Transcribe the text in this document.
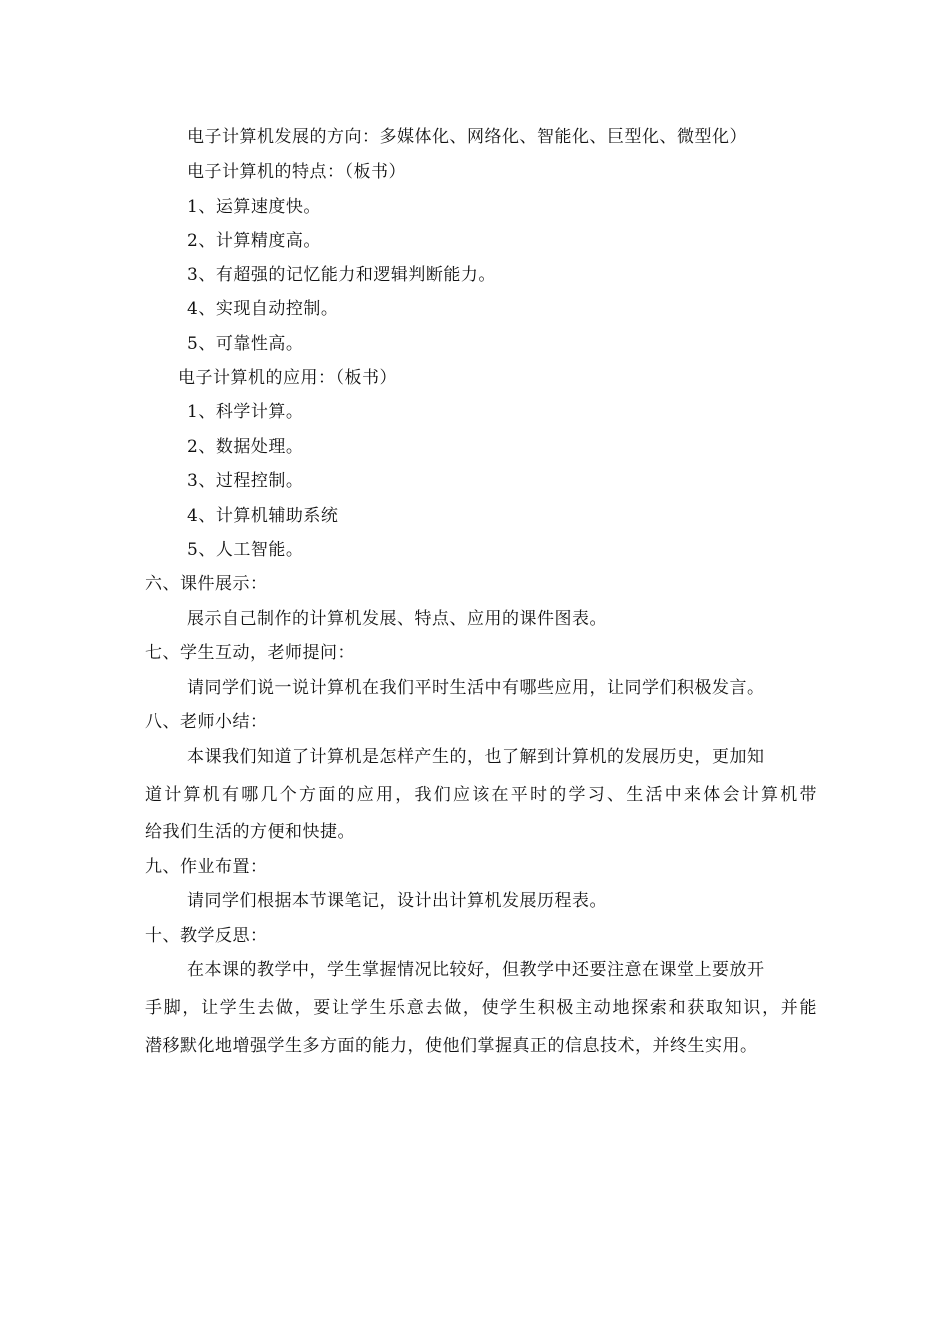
电子计算机发展的方向：多媒体化、网络化、智能化、巨型化、微型化）
电子计算机的特点：（板书）
1、运算速度快。
2、计算精度高。
3、有超强的记忆能力和逻辑判断能力。
4、实现自动控制。
5、可靠性高。
电子计算机的应用：（板书）
1、科学计算。
2、数据处理。
3、过程控制。
4、计算机辅助系统
5、人工智能。
六、课件展示：
展示自己制作的计算机发展、特点、应用的课件图表。
七、学生互动，老师提问：
请同学们说一说计算机在我们平时生活中有哪些应用，让同学们积极发言。
八、老师小结：
本课我们知道了计算机是怎样产生的，也了解到计算机的发展历史，更加知
道计算机有哪几个方面的应用，我们应该在平时的学习、生活中来体会计算机带
给我们生活的方便和快捷。
九、作业布置：
请同学们根据本节课笔记，设计出计算机发展历程表。
十、教学反思：
在本课的教学中，学生掌握情况比较好，但教学中还要注意在课堂上要放开
手脚，让学生去做，要让学生乐意去做，使学生积极主动地探索和获取知识，并能
潜移默化地增强学生多方面的能力，使他们掌握真正的信息技术，并终生实用。
